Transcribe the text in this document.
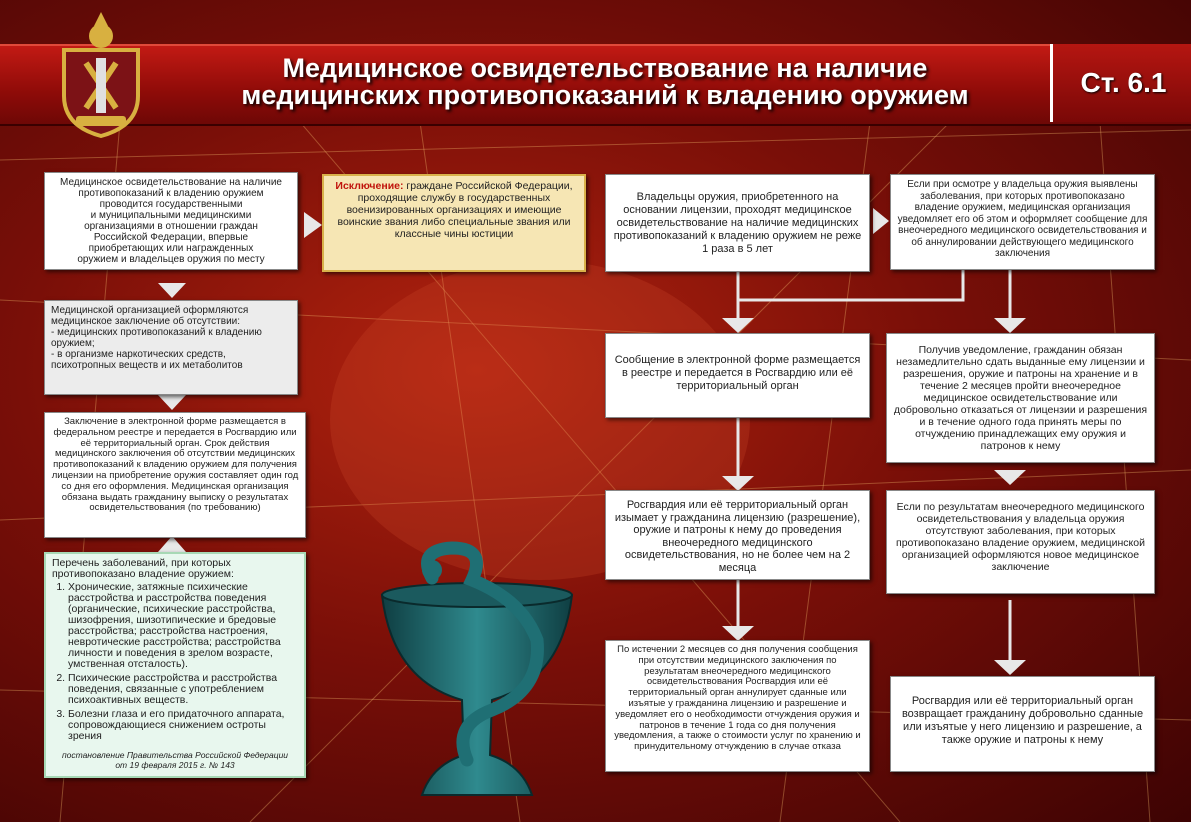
Медицинское освидетельствование на наличие
медицинских противопоказаний к владению оружием	Ст. 6.1
Медицинское освидетельствование на наличие
противопоказаний к владению оружием
проводится государственными
и муниципальными медицинскими
организациями в отношении граждан
Российской Федерации, впервые
приобретающих или награжденных
оружием и владельцев оружия по месту
Медицинской организацией оформляются медицинское заключение об отсутствии:
- медицинских противопоказаний к владению оружием;
- в организме наркотических средств, психотропных веществ и их метаболитов
Заключение в электронной форме размещается в федеральном реестре и передается в Росгвардию или её территориальный орган. Срок действия медицинского заключения об отсутствии медицинских противопоказаний к владению оружием для получения лицензии на приобретение оружия составляет один год со дня его оформления. Медицинская организация обязана выдать гражданину выписку о результатах освидетельствования (по требованию)
Перечень заболеваний, при которых противопоказано владение оружием:
1. Хронические, затяжные психические расстройства и расстройства поведения (органические, психические расстройства, шизофрения, шизотипические и бредовые расстройства; расстройства настроения, невротические расстройства; расстройства личности и поведения в зрелом возрасте, умственная отсталость).
2. Психические расстройства и расстройства поведения, связанные с употреблением психоактивных веществ.
3. Болезни глаза и его придаточного аппарата, сопровождающиеся снижением остроты зрения
постановление Правительства Российской Федерации
от 19 февраля 2015 г. № 143
Исключение: граждане Российской Федерации, проходящие службу в государственных военизированных организациях и имеющие воинские звания либо специальные звания или классные чины юстиции
Владельцы оружия, приобретенного на основании лицензии, проходят медицинское освидетельствование на наличие медицинских противопоказаний к владению оружием не реже 1 раза в 5 лет
Сообщение в электронной форме размещается в реестре и передается в Росгвардию или её территориальный орган
Росгвардия или её территориальный орган изымает у гражданина лицензию (разрешение), оружие и патроны к нему до проведения внеочередного медицинского освидетельствования, но не более чем на 2 месяца
По истечении 2 месяцев со дня получения сообщения при отсутствии медицинского заключения по результатам внеочередного медицинского освидетельствования Росгвардия или её территориальный орган аннулирует сданные или изъятые у гражданина лицензию и разрешение и уведомляет его о необходимости отчуждения оружия и патронов в течение 1 года со дня получения уведомления, а также о стоимости услуг по хранению и принудительному отчуждению в случае отказа
Если при осмотре у владельца оружия выявлены заболевания, при которых противопоказано владение оружием, медицинская организация уведомляет его об этом и оформляет сообщение для внеочередного медицинского освидетельствования и об аннулировании действующего медицинского заключения
Получив уведомление, гражданин обязан незамедлительно сдать выданные ему лицензии и разрешения, оружие и патроны на хранение и в течение 2 месяцев пройти внеочередное медицинское освидетельствование или добровольно отказаться от лицензии и разрешения и в течение одного года принять меры по отчуждению принадлежащих ему оружия и патронов к нему
Если по результатам внеочередного медицинского освидетельствования у владельца оружия отсутствуют заболевания, при которых противопоказано владение оружием, медицинской организацией оформляются новое медицинское заключение
Росгвардия или её территориальный орган возвращает гражданину добровольно сданные или изъятые у него лицензию и разрешение, а также оружие и патроны к нему
